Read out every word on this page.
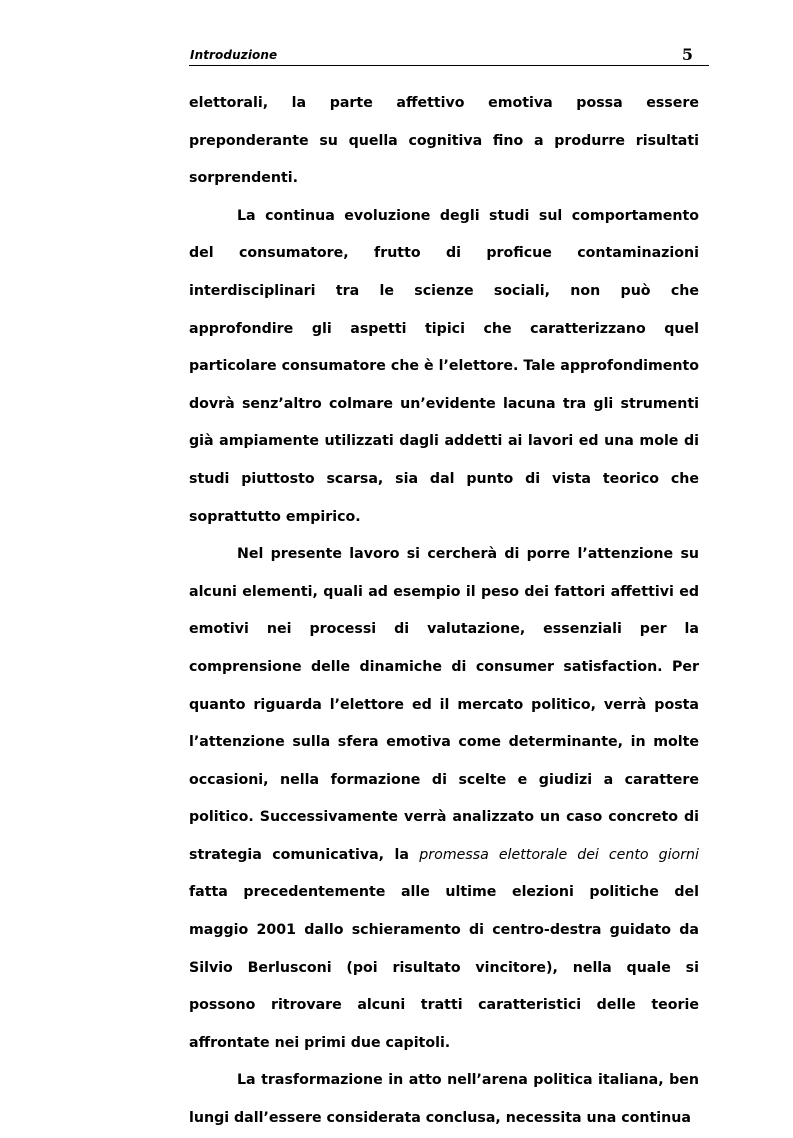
Introduzione	5

elettorali, la parte affettivo emotiva possa essere preponderante su quella cognitiva fino a produrre risultati sorprendenti.

La continua evoluzione degli studi sul comportamento del consumatore, frutto di proficue contaminazioni interdisciplinari tra le scienze sociali, non può che approfondire gli aspetti tipici che caratterizzano quel particolare consumatore che è l’elettore. Tale approfondimento dovrà senz’altro colmare un’evidente lacuna tra gli strumenti già ampiamente utilizzati dagli addetti ai lavori ed una mole di studi piuttosto scarsa, sia dal punto di vista teorico che soprattutto empirico.

Nel presente lavoro si cercherà di porre l’attenzione su alcuni elementi, quali ad esempio il peso dei fattori affettivi ed emotivi nei processi di valutazione, essenziali per la comprensione delle dinamiche di consumer satisfaction. Per quanto riguarda l’elettore ed il mercato politico, verrà posta l’attenzione sulla sfera emotiva come determinante, in molte occasioni, nella formazione di scelte e giudizi a carattere politico. Successivamente verrà analizzato un caso concreto di strategia comunicativa, la promessa elettorale dei cento giorni fatta precedentemente alle ultime elezioni politiche del maggio 2001 dallo schieramento di centro-destra guidato da Silvio Berlusconi (poi risultato vincitore), nella quale si possono ritrovare alcuni tratti caratteristici delle teorie affrontate nei primi due capitoli.

La trasformazione in atto nell’arena politica italiana, ben lungi dall’essere considerata conclusa, necessita una continua
